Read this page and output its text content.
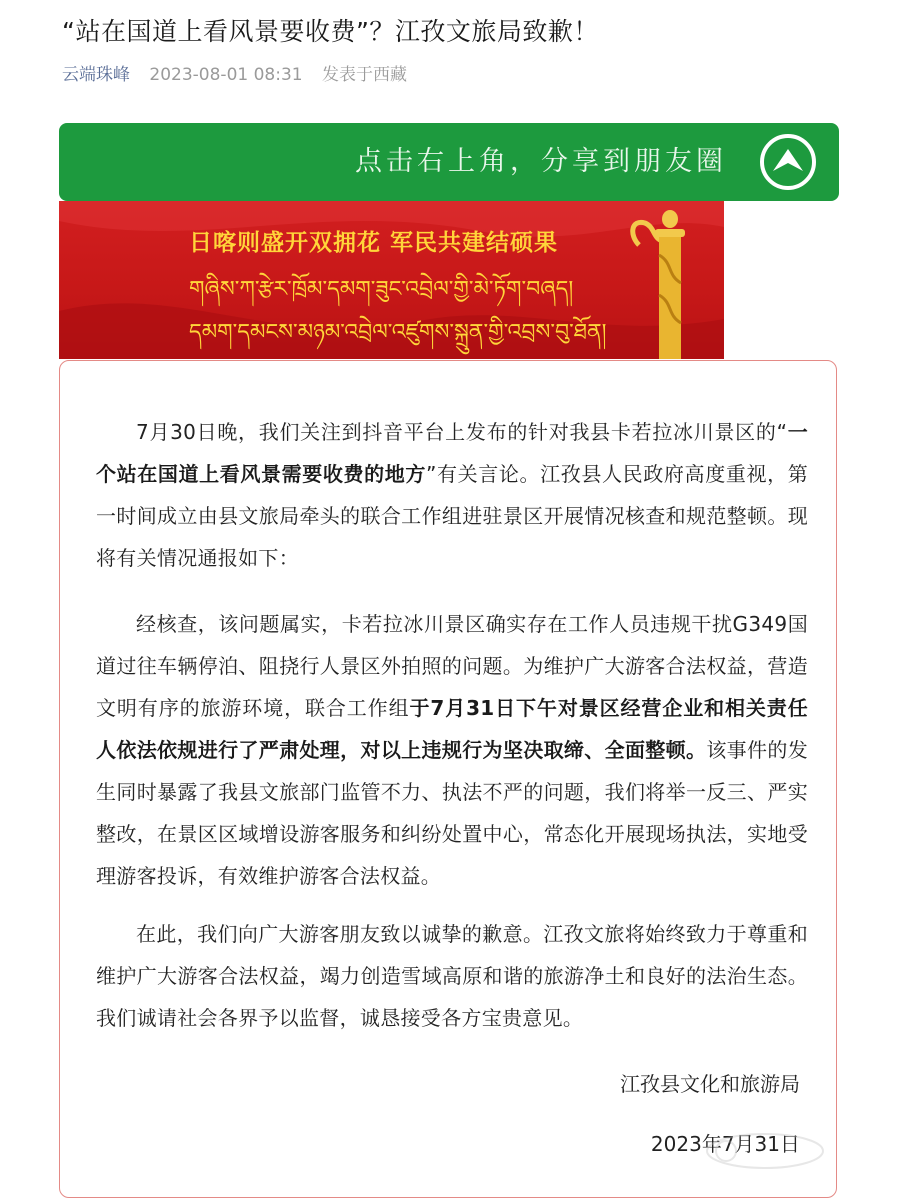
“站在国道上看风景要收费”？江孜文旅局致歉！
云端珠峰 2023-08-01 08:31 发表于西藏
点击右上角，分享到朋友圈
日喀则盛开双拥花 军民共建结硕果
གཞིས་ཀ་རྩེར་ཁྲོམ་དམག་ཟུང་འབྲེལ་གྱི་མེ་ཏོག་བཞད།
དམག་དམངས་མཉམ་འབྲེལ་འཛུགས་སྐྲུན་གྱི་འབྲས་བུ་ཐོན།
7月30日晚，我们关注到抖音平台上发布的针对我县卡若拉冰川景区的“一个站在国道上看风景需要收费的地方”有关言论。江孜县人民政府高度重视，第一时间成立由县文旅局牵头的联合工作组进驻景区开展情况核查和规范整顿。现将有关情况通报如下：
经核查，该问题属实，卡若拉冰川景区确实存在工作人员违规干扰G349国道过往车辆停泊、阻挠行人景区外拍照的问题。为维护广大游客合法权益，营造文明有序的旅游环境，联合工作组于7月31日下午对景区经营企业和相关责任人依法依规进行了严肃处理，对以上违规行为坚决取缔、全面整顿。该事件的发生同时暴露了我县文旅部门监管不力、执法不严的问题，我们将举一反三、严实整改，在景区区域增设游客服务和纠纷处置中心，常态化开展现场执法，实地受理游客投诉，有效维护游客合法权益。
在此，我们向广大游客朋友致以诚挚的歉意。江孜文旅将始终致力于尊重和维护广大游客合法权益，竭力创造雪域高原和谐的旅游净土和良好的法治生态。我们诚请社会各界予以监督，诚恳接受各方宝贵意见。
江孜县文化和旅游局
2023年7月31日
